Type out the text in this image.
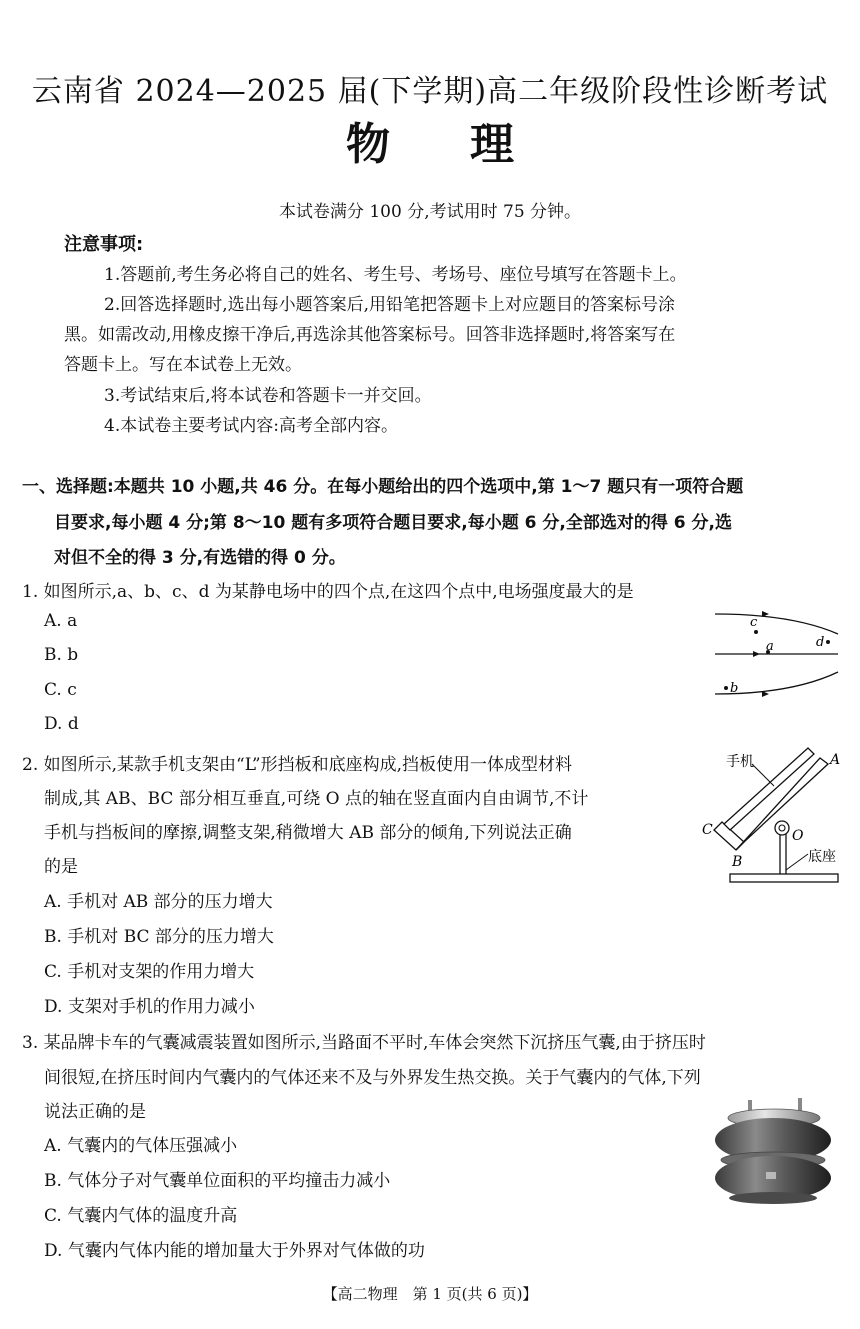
云南省 2024—2025 届(下学期)高二年级阶段性诊断考试
物理
本试卷满分 100 分,考试用时 75 分钟。
注意事项:
1.答题前,考生务必将自己的姓名、考生号、考场号、座位号填写在答题卡上。
2.回答选择题时,选出每小题答案后,用铅笔把答题卡上对应题目的答案标号涂
黑。如需改动,用橡皮擦干净后,再选涂其他答案标号。回答非选择题时,将答案写在
答题卡上。写在本试卷上无效。
3.考试结束后,将本试卷和答题卡一并交回。
4.本试卷主要考试内容:高考全部内容。
一、选择题:本题共 10 小题,共 46 分。在每小题给出的四个选项中,第 1～7 题只有一项符合题
目要求,每小题 4 分;第 8～10 题有多项符合题目要求,每小题 6 分,全部选对的得 6 分,选
对但不全的得 3 分,有选错的得 0 分。
1. 如图所示,a、b、c、d 为某静电场中的四个点,在这四个点中,电场强度最大的是
A. a
B. b
C. c
D. d
c
a	d
b
2. 如图所示,某款手机支架由“L”形挡板和底座构成,挡板使用一体成型材料
制成,其 AB、BC 部分相互垂直,可绕 O 点的轴在竖直面内自由调节,不计
手机与挡板间的摩擦,调整支架,稍微增大 AB 部分的倾角,下列说法正确
的是
A. 手机对 AB 部分的压力增大
B. 手机对 BC 部分的压力增大
C. 手机对支架的作用力增大
D. 支架对手机的作用力减小
底座
手机	A
C
B
O
3. 某品牌卡车的气囊减震装置如图所示,当路面不平时,车体会突然下沉挤压气囊,由于挤压时
间很短,在挤压时间内气囊内的气体还来不及与外界发生热交换。关于气囊内的气体,下列
说法正确的是
A. 气囊内的气体压强减小
B. 气体分子对气囊单位面积的平均撞击力减小
C. 气囊内气体的温度升高
D. 气囊内气体内能的增加量大于外界对气体做的功
【高二物理　第 1 页(共 6 页)】
